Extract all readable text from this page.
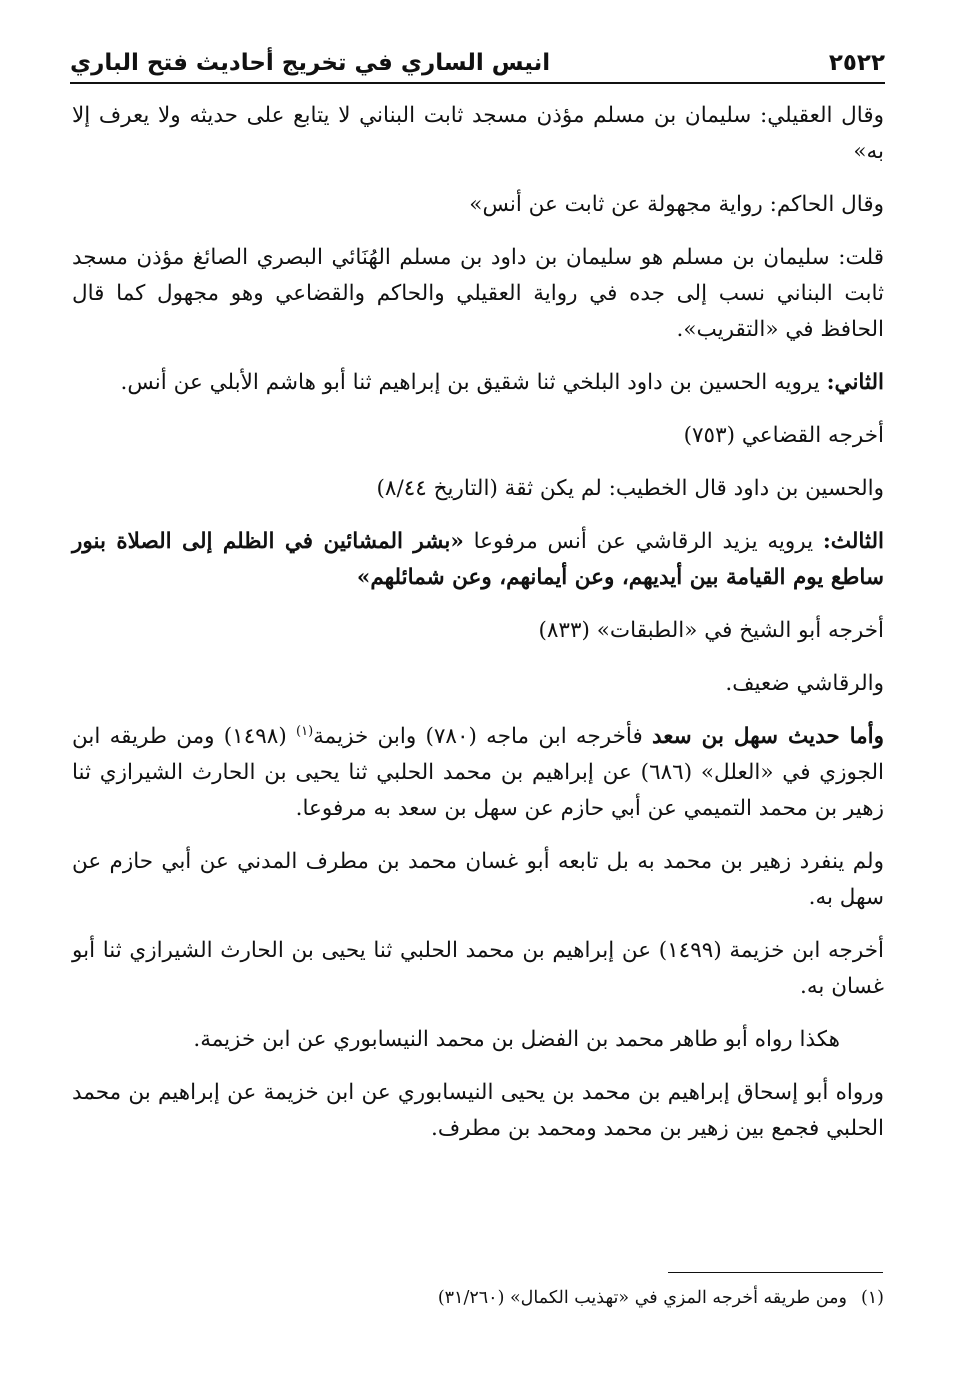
٢٥٢٢
انيس الساري في تخريج أحاديث فتح الباري

وقال العقيلي: سليمان بن مسلم مؤذن مسجد ثابت البناني لا يتابع على حديثه ولا يعرف إلا به»

وقال الحاكم: رواية مجهولة عن ثابت عن أنس»

قلت: سليمان بن مسلم هو سليمان بن داود بن مسلم الهُنَائي البصري الصائغ مؤذن مسجد ثابت البناني نسب إلى جده في رواية العقيلي والحاكم والقضاعي وهو مجهول كما قال الحافظ في «التقريب».

الثاني: يرويه الحسين بن داود البلخي ثنا شقيق بن إبراهيم ثنا أبو هاشم الأبلي عن أنس.

أخرجه القضاعي (٧٥٣)

والحسين بن داود قال الخطيب: لم يكن ثقة (التاريخ ٨/٤٤)

الثالث: يرويه يزيد الرقاشي عن أنس مرفوعا «بشر المشائين في الظلم إلى الصلاة بنور ساطع يوم القيامة بين أيديهم، وعن أيمانهم، وعن شمائلهم»

أخرجه أبو الشيخ في «الطبقات» (٨٣٣)

والرقاشي ضعيف.

وأما حديث سهل بن سعد فأخرجه ابن ماجه (٧٨٠) وابن خزيمة$^{(١)}$ (١٤٩٨) ومن طريقه ابن الجوزي في «العلل» (٦٨٦) عن إبراهيم بن محمد الحلبي ثنا يحيى بن الحارث الشيرازي ثنا زهير بن محمد التميمي عن أبي حازم عن سهل بن سعد به مرفوعا.

ولم ينفرد زهير بن محمد به بل تابعه أبو غسان محمد بن مطرف المدني عن أبي حازم عن سهل به.

أخرجه ابن خزيمة (١٤٩٩) عن إبراهيم بن محمد الحلبي ثنا يحيى بن الحارث الشيرازي ثنا أبو غسان به.

هكذا رواه أبو طاهر محمد بن الفضل بن محمد النيسابوري عن ابن خزيمة.

ورواه أبو إسحاق إبراهيم بن محمد بن يحيى النيسابوري عن ابن خزيمة عن إبراهيم بن محمد الحلبي فجمع بين زهير بن محمد ومحمد بن مطرف.

(١)ومن طريقه أخرجه المزي في «تهذيب الكمال» (٣١/٢٦٠)
